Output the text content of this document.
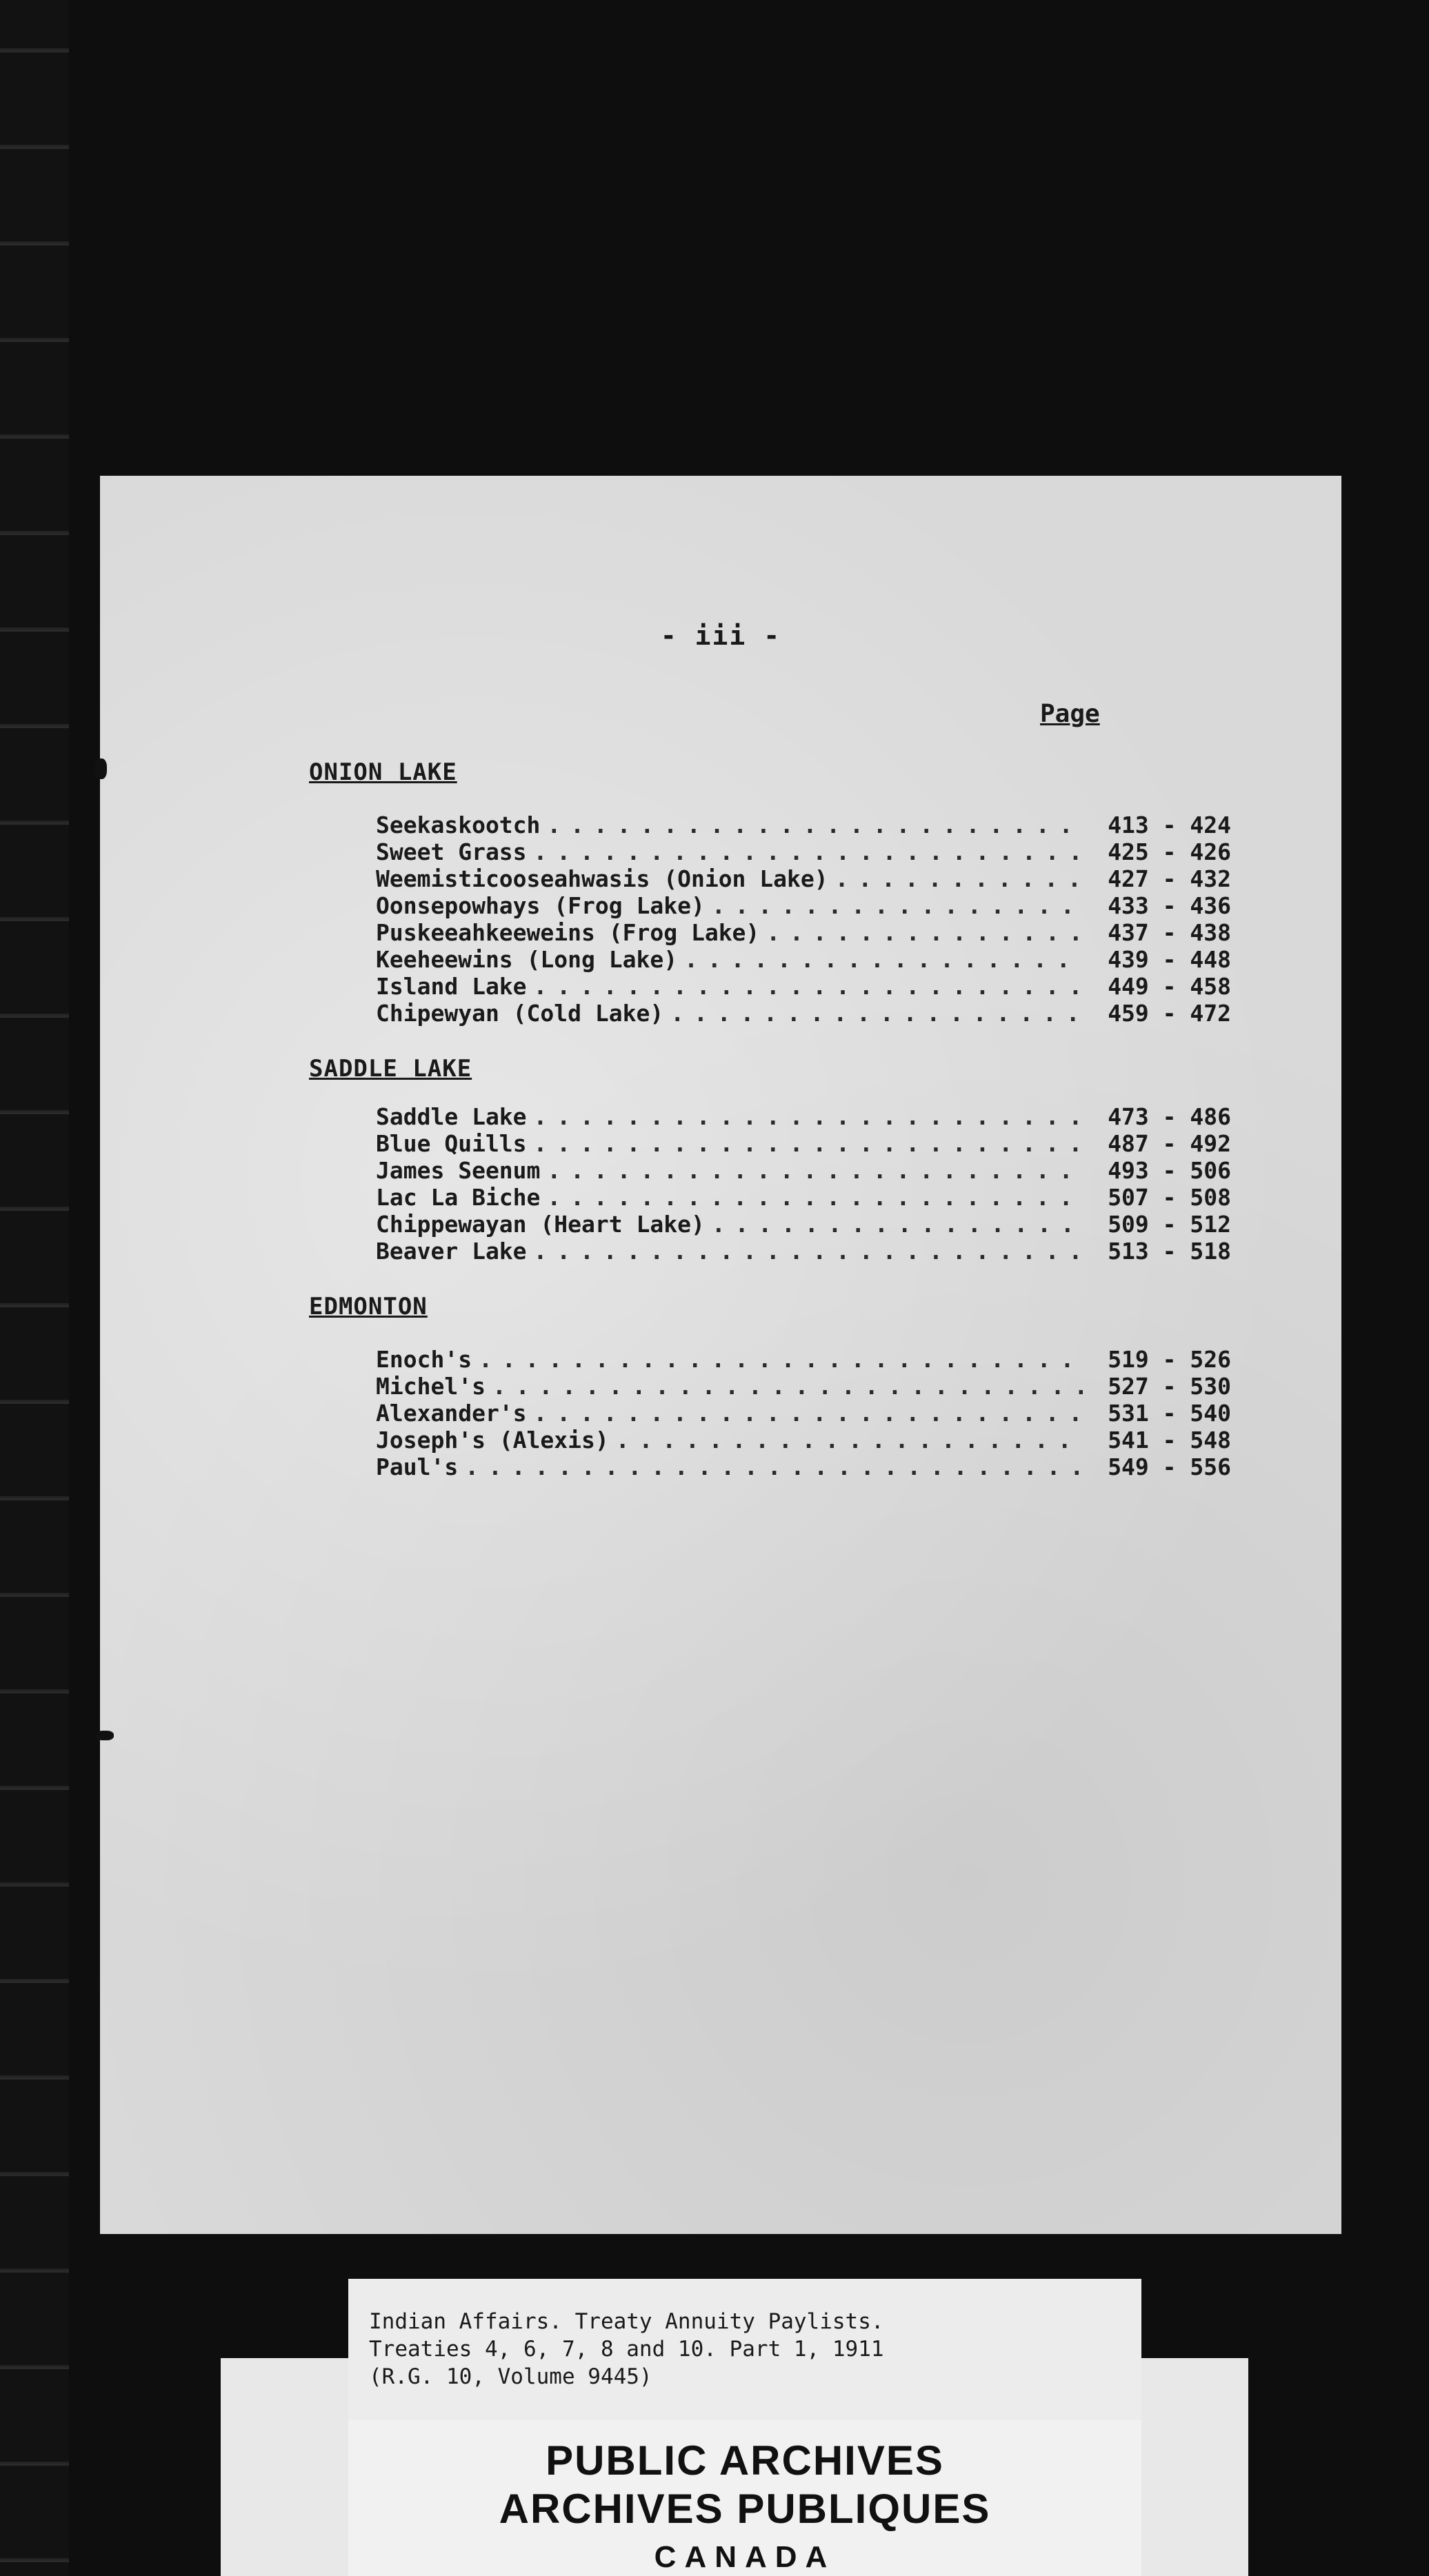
- iii -
Page
ONION LAKE
Seekaskootch . . .	413 - 424
Sweet Grass . . .	425 - 426
Weemisticooseahwasis (Onion Lake) . . .	427 - 432
Oonsepowhays (Frog Lake) . . .	433 - 436
Puskeeahkeeweins (Frog Lake) . . .	437 - 438
Keeheewins (Long Lake) . . .	439 - 448
Island Lake . . .	449 - 458
Chipewyan (Cold Lake) . . .	459 - 472
SADDLE LAKE
Saddle Lake . . .	473 - 486
Blue Quills . . .	487 - 492
James Seenum . . .	493 - 506
Lac La Biche . . .	507 - 508
Chippewayan (Heart Lake) . . .	509 - 512
Beaver Lake . . .	513 - 518
EDMONTON
Enoch's . . .	519 - 526
Michel's . . .	527 - 530
Alexander's . . .	531 - 540
Joseph's (Alexis) . . .	541 - 548
Paul's . . .	549 - 556
PUBLIC ARCHIVES
ARCHIVES PUBLIQUES
CANADA
Indian Affairs. Treaty Annuity Paylists.
Treaties 4, 6, 7, 8 and 10. Part 1, 1911
(R.G. 10, Volume 9445)
